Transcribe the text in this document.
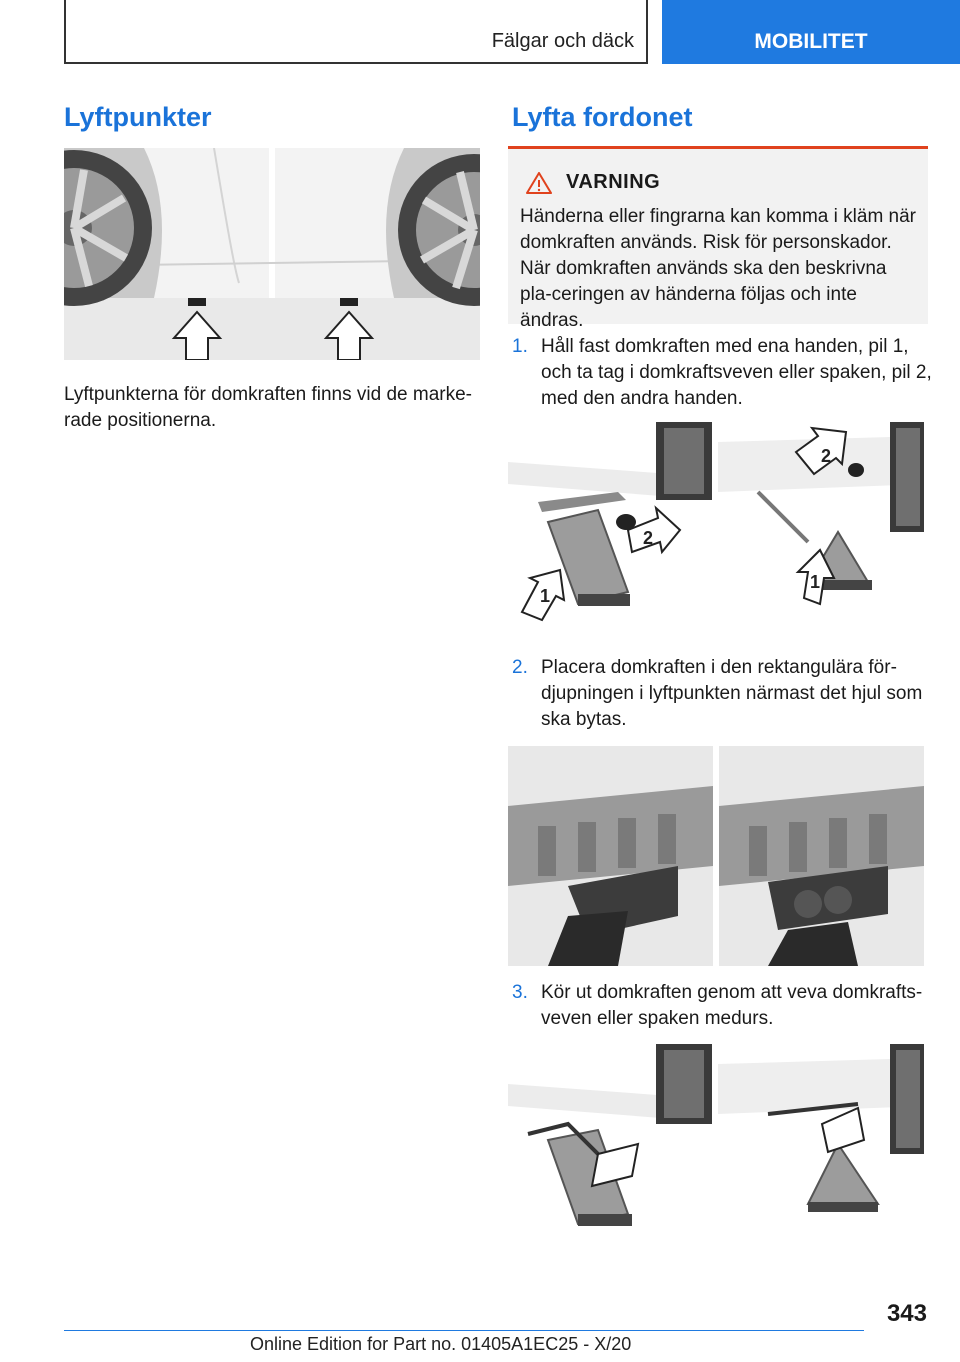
Fälgar och däck	MOBILITET
Lyftpunkter
Lyftpunkterna för domkraften finns vid de marke-rade positionerna.
Lyfta fordonet
VARNING
Händerna eller fingrarna kan komma i kläm när domkraften används. Risk för personskador. När domkraften används ska den beskrivna pla-ceringen av händerna följas och inte ändras.
1. Håll fast domkraften med ena handen, pil 1, och ta tag i domkraftsveven eller spaken, pil 2, med den andra handen.
2
1
2
1
2. Placera domkraften i den rektangulära för-djupningen i lyftpunkten närmast det hjul som ska bytas.
3. Kör ut domkraften genom att veva domkrafts-veven eller spaken medurs.
343
Online Edition for Part no. 01405A1EC25 - X/20
